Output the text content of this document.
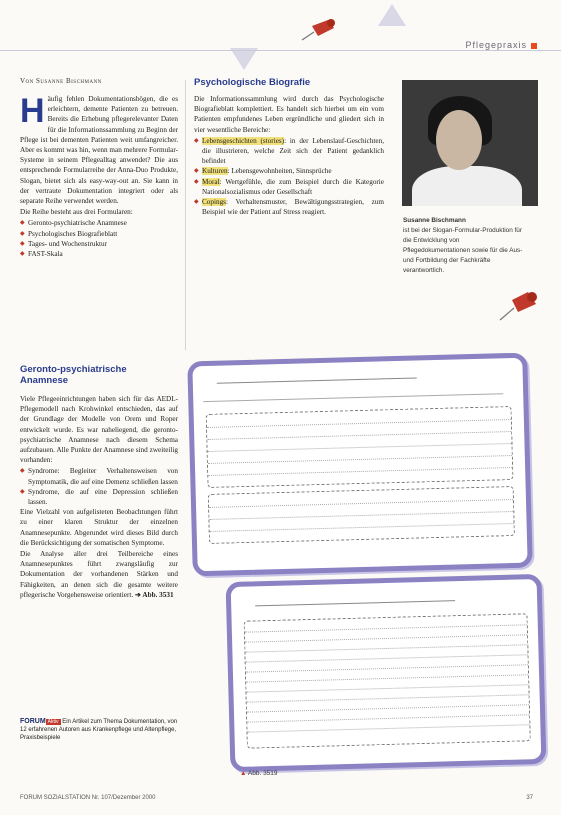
Pflegepraxis
Von Susanne Bischmann
H äufig fehlen Dokumentationsbögen, die es erleichtern, demente Patienten zu betreuen. Bereits die Erhebung pflegerelevanter Daten für die Informationssammlung zu Beginn der Pflege ist bei dementen Patienten weit umfangreicher. Aber es kommt was hin, wenn man mehrere Formular-Systeme in seinem Pflegealltag anwendet? Die aus entsprechende Formularreihe der Anna-Duo Produkte, Slogan, bietet sich als easy-way-out an. Sie kann in der vertraute Dokumentation integriert oder als separate Reihe verwendet werden.

Die Reihe besteht aus drei Formularen:

◆ Geronto-psychiatrische Anamnese
◆ Psychologisches Biografieblatt
◆ Tages- und Wochenstruktur
◆ FAST-Skala
Psychologische Biografie

Die Informationssammlung wird durch das Psychologische Biografieblatt komplettiert. Es handelt sich hierbei um ein vom Patienten empfundenes Leben ergründliche und gliedert sich in vier wesentliche Bereiche:

◆ Lebensgeschichten (stories): in der Lebenslauf-Geschichten, die illustrieren, welche Zeit sich der Patient gedanklich befindet
◆ Kulturen: Lebensgewohnheiten, Sinnsprüche
◆ Moral: Wertgefühle, die zum Beispiel durch die Kategorie Nationalsozialismus oder Gesellschaft
◆ Copings: Verhaltensmuster, Bewältigungsstrategien, zum Beispiel wie der Patient auf Stress reagiert.
Susanne Bischmann
ist bei der Slogan-Formular-Produktion für die Entwicklung von Pflegedokumentationen sowie für die Aus- und Fortbildung der Fachkräfte verantwortlich.
Geronto-psychiatrische Anamnese

Viele Pflegeeinrichtungen haben sich für das AEDL-Pflegemodell nach Krohwinkel entschieden, das auf der Grundlage der Modelle von Orem und Roper entwickelt wurde. Es war naheliegend, die geronto-psychiatrische Anamnese nach diesem Schema aufzubauen. Alle Punkte der Anamnese sind zweiteilig vorhanden:

◆ Syndrome: Begleiter Verhaltensweisen von Symptomatik, die auf eine Demenz schließen lassen
◆ Syndrome, die auf eine Depression schließen lassen.

Eine Vielzahl von aufgelisteten Beobachtungen führt zu einer klaren Struktur der einzelnen Anamnesepunkte. Abgerundet wird dieses Bild durch die Berücksichtigung der somatischen Symptome.

Die Analyse aller drei Teilbereiche eines Anamnesepunktes führt zwangsläufig zur Dokumentation der vorhandenen Stärken und Fähigkeiten, an denen sich die gesamte weitere pflegerische Vorgehensweise orientiert. ➔ Abb. 3531

▲ Abb. 3519
FORUM Aktiv Ein Artikel zum Thema Dokumentation, von 12 erfahrenen Autoren aus Krankenpflege und Altenpflege, Praxisbeispiele
FORUM SOZIALSTATION Nr. 107/Dezember 2000	37
